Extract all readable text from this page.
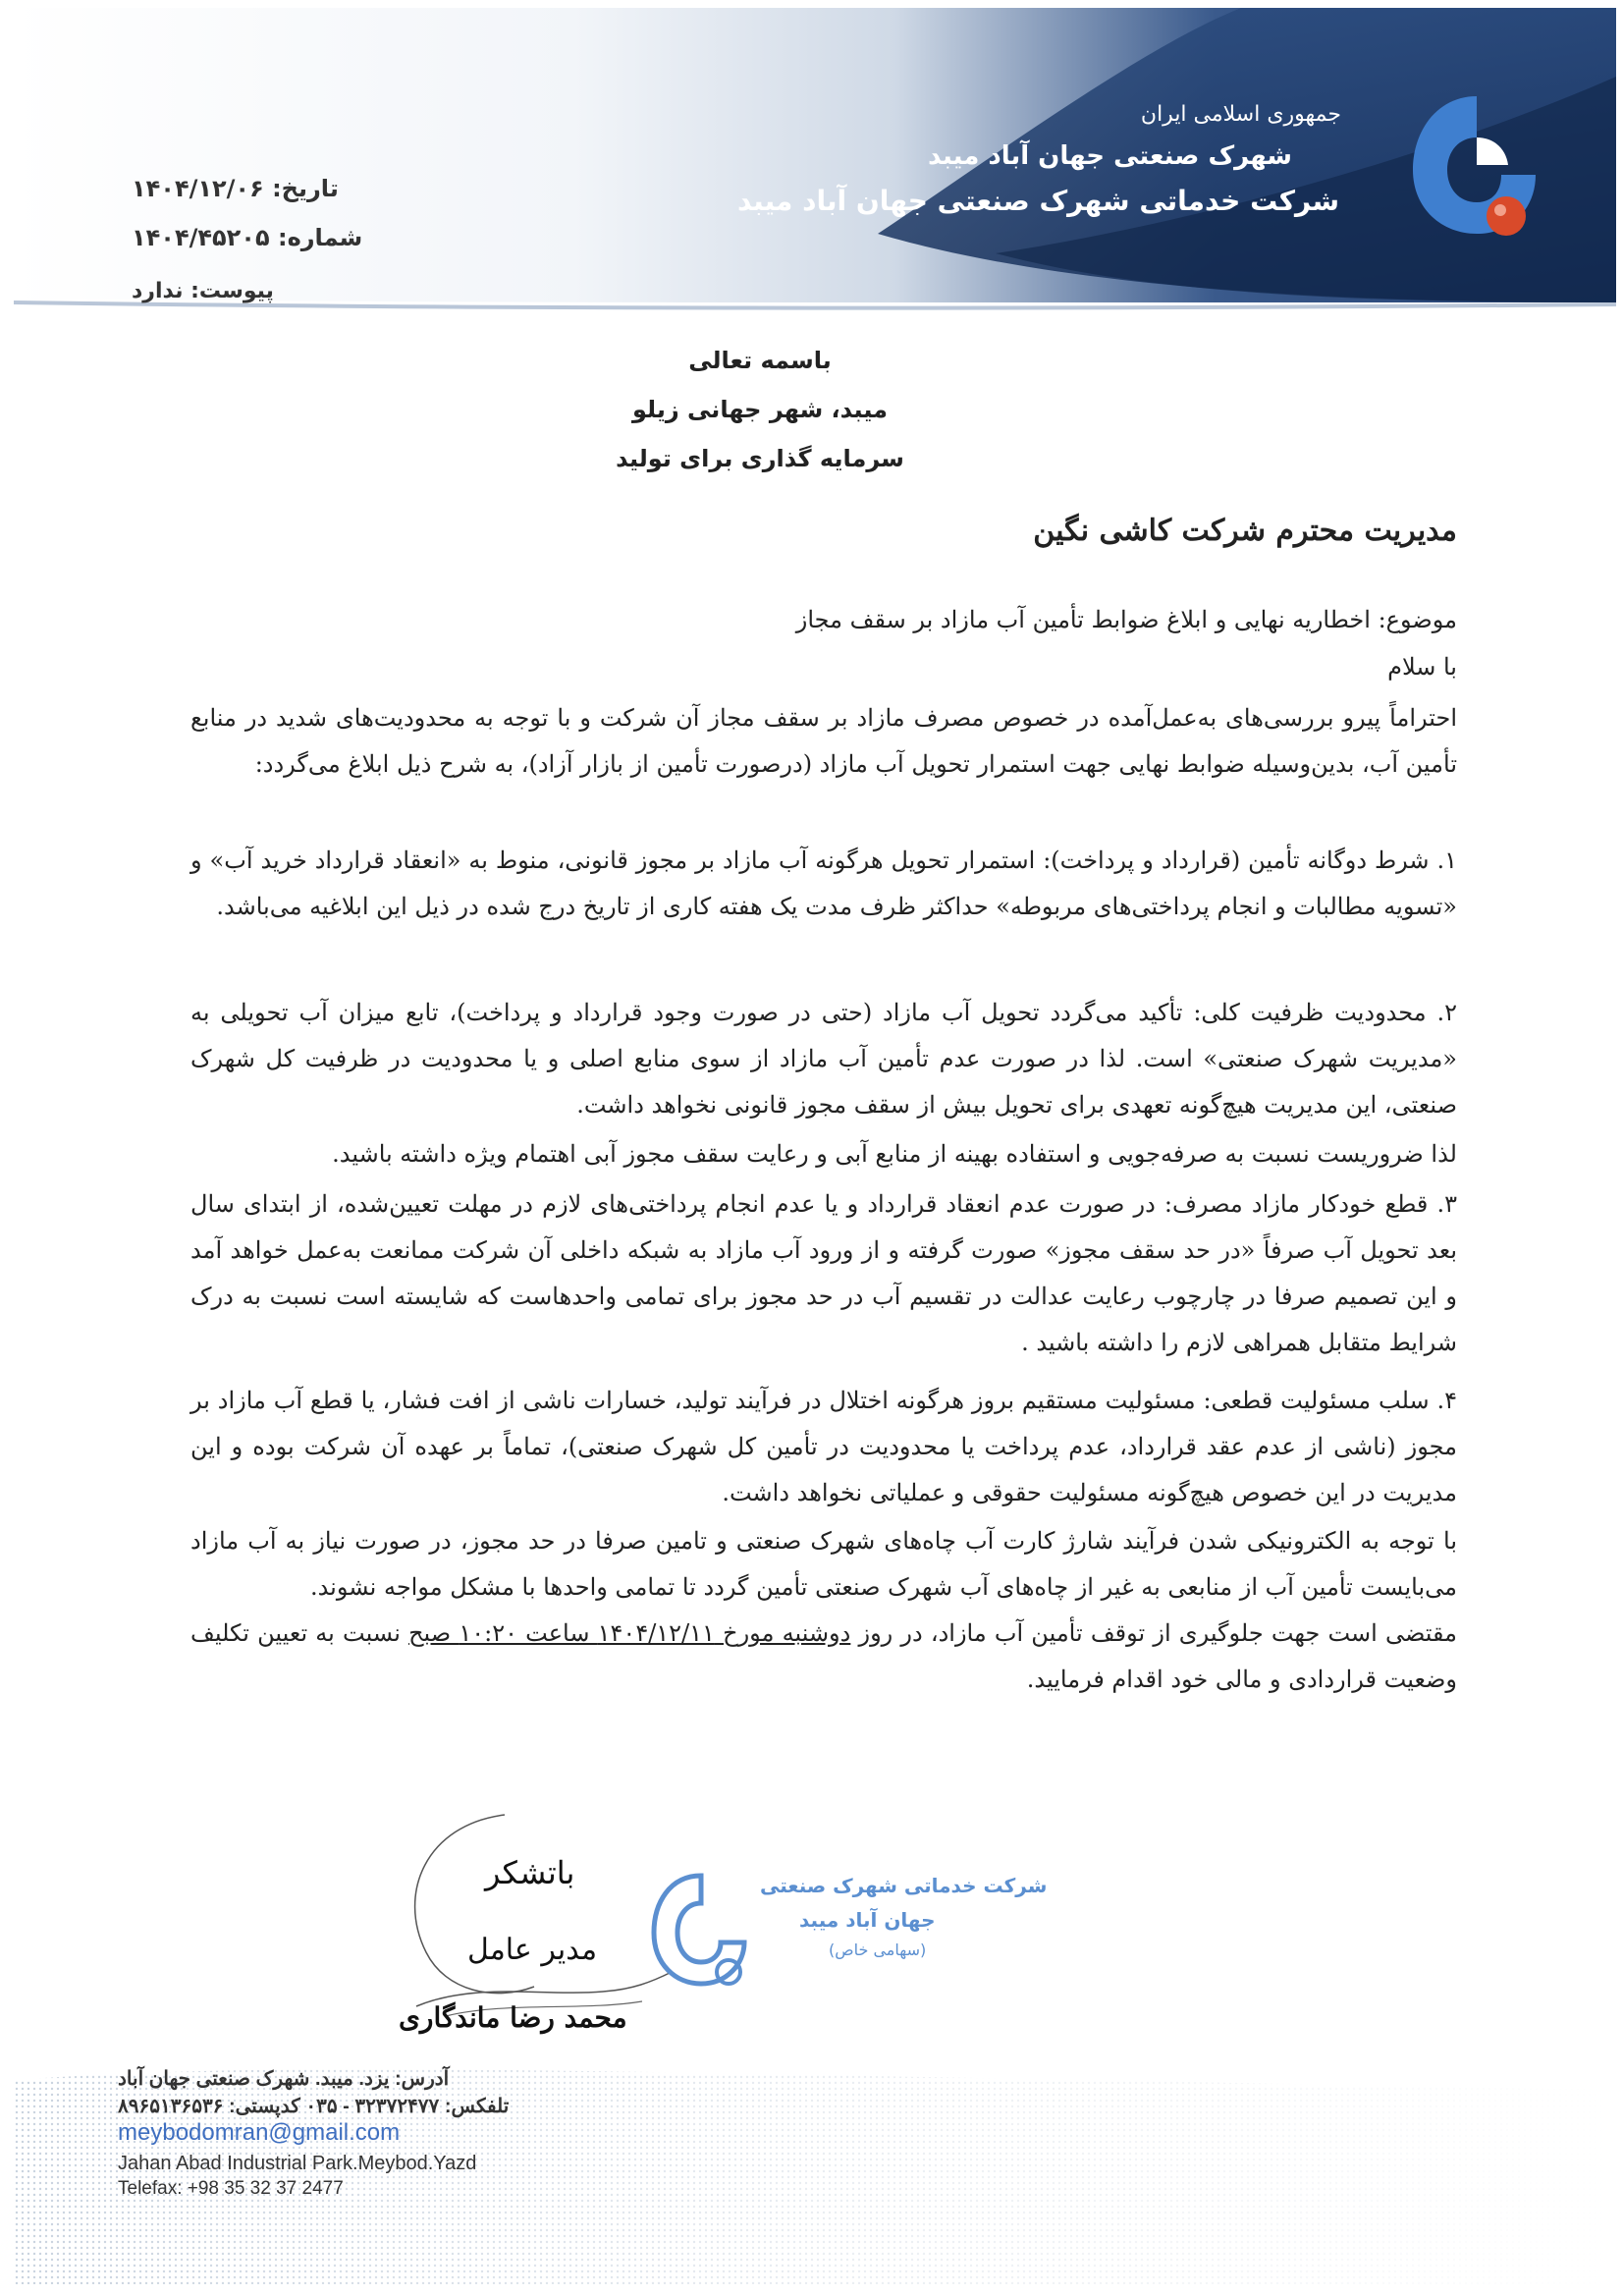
جمهوری اسلامی ایران
شهرک صنعتی جهان آباد میبد
شرکت خدماتی شهرک صنعتی جهان آباد میبد
تاریخ: ۱۴۰۴/۱۲/۰۶
شماره: ۱۴۰۴/۴۵۲۰۵
پیوست: ندارد
باسمه تعالی
میبد، شهر جهانی زیلو
سرمایه گذاری برای تولید
مدیریت محترم شرکت کاشی نگین

موضوع: اخطاریه نهایی و ابلاغ ضوابط تأمین آب مازاد بر سقف مجاز

با سلام

احتراماً پیرو بررسی‌های به‌عمل‌آمده در خصوص مصرف مازاد بر سقف مجاز آن شرکت و با توجه به محدودیت‌های شدید در منابع تأمین آب، بدین‌وسیله ضوابط نهایی جهت استمرار تحویل آب مازاد (درصورت تأمین از بازار آزاد)، به شرح ذیل ابلاغ می‌گردد:

۱. شرط دوگانه تأمین (قرارداد و پرداخت): استمرار تحویل هرگونه آب مازاد بر مجوز قانونی، منوط به «انعقاد قرارداد خرید آب» و «تسویه مطالبات و انجام پرداختی‌های مربوطه» حداکثر ظرف مدت یک هفته کاری از تاریخ درج شده در ذیل این ابلاغیه می‌باشد.

۲. محدودیت ظرفیت کلی: تأکید می‌گردد تحویل آب مازاد (حتی در صورت وجود قرارداد و پرداخت)، تابع میزان آب تحویلی به «مدیریت شهرک صنعتی» است. لذا در صورت عدم تأمین آب مازاد از سوی منابع اصلی و یا محدودیت در ظرفیت کل شهرک صنعتی، این مدیریت هیچ‌گونه تعهدی برای تحویل بیش از سقف مجوز قانونی نخواهد داشت.

لذا ضروریست نسبت به صرفه‌جویی و استفاده بهینه از منابع آبی و رعایت سقف مجوز آبی اهتمام ویژه داشته باشید.

۳. قطع خودکار مازاد مصرف: در صورت عدم انعقاد قرارداد و یا عدم انجام پرداختی‌های لازم در مهلت تعیین‌شده، از ابتدای سال بعد تحویل آب صرفاً «در حد سقف مجوز» صورت گرفته و از ورود آب مازاد به شبکه داخلی آن شرکت ممانعت به‌عمل خواهد آمد و این تصمیم صرفا در چارچوب رعایت عدالت در تقسیم آب در حد مجوز برای تمامی واحدهاست که شایسته است نسبت به درک شرایط متقابل همراهی لازم را داشته باشید .

۴. سلب مسئولیت قطعی: مسئولیت مستقیم بروز هرگونه اختلال در فرآیند تولید، خسارات ناشی از افت فشار، یا قطع آب مازاد بر مجوز (ناشی از عدم عقد قرارداد، عدم پرداخت یا محدودیت در تأمین کل شهرک صنعتی)، تماماً بر عهده آن شرکت بوده و این مدیریت در این خصوص هیچ‌گونه مسئولیت حقوقی و عملیاتی نخواهد داشت.

با توجه به الکترونیکی شدن فرآیند شارژ کارت آب چاه‌های شهرک صنعتی و تامین صرفا در حد مجوز، در صورت نیاز به آب مازاد می‌بایست تأمین آب از منابعی به غیر از چاه‌های آب شهرک صنعتی تأمین گردد تا تمامی واحدها با مشکل مواجه نشوند.

مقتضی است جهت جلوگیری از توقف تأمین آب مازاد، در روز دوشنبه مورخ ۱۴۰۴/۱۲/۱۱ ساعت ۱۰:۲۰ صبح نسبت به تعیین تکلیف وضعیت قراردادی و مالی خود اقدام فرمایید.

باتشکر
مدیر عامل
محمد رضا ماندگاری
شرکت خدماتی شهرک صنعتی
جهان آباد میبد
(سهامی خاص)
آدرس: یزد. میبد. شهرک صنعتی جهان آباد
تلفکس: ۳۲۳۷۲۴۷۷ - ۰۳۵ کدپستی: ۸۹۶۵۱۳۶۵۳۶
meybodomran@gmail.com
Jahan Abad Industrial Park.Meybod.Yazd
Telefax: +98 35 32 37 2477
